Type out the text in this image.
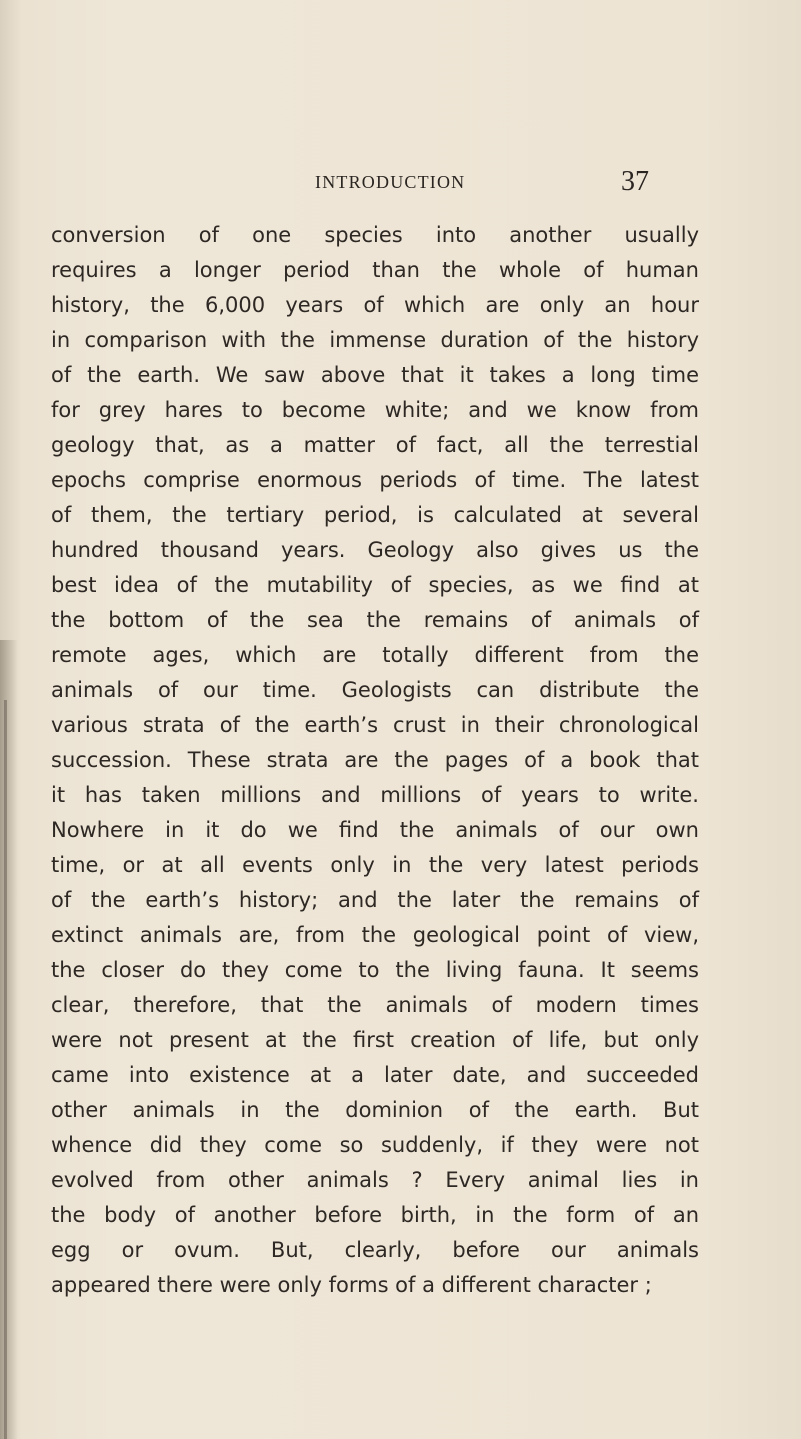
INTRODUCTION	37
conversion of one species into another usually
requires a longer period than the whole of human
history, the 6,000 years of which are only an hour
in comparison with the immense duration of the history
of the earth. We saw above that it takes a long time
for grey hares to become white; and we know from
geology that, as a matter of fact, all the terrestial
epochs comprise enormous periods of time. The latest
of them, the tertiary period, is calculated at several
hundred thousand years. Geology also gives us the
best idea of the mutability of species, as we find at
the bottom of the sea the remains of animals of
remote ages, which are totally different from the
animals of our time. Geologists can distribute the
various strata of the earth’s crust in their chronological
succession. These strata are the pages of a book that
it has taken millions and millions of years to write.
Nowhere in it do we find the animals of our own
time, or at all events only in the very latest periods
of the earth’s history; and the later the remains of
extinct animals are, from the geological point of view,
the closer do they come to the living fauna. It seems
clear, therefore, that the animals of modern times
were not present at the first creation of life, but only
came into existence at a later date, and succeeded
other animals in the dominion of the earth. But
whence did they come so suddenly, if they were not
evolved from other animals ? Every animal lies in
the body of another before birth, in the form of an
egg or ovum. But, clearly, before our animals
appeared there were only forms of a different character ;
